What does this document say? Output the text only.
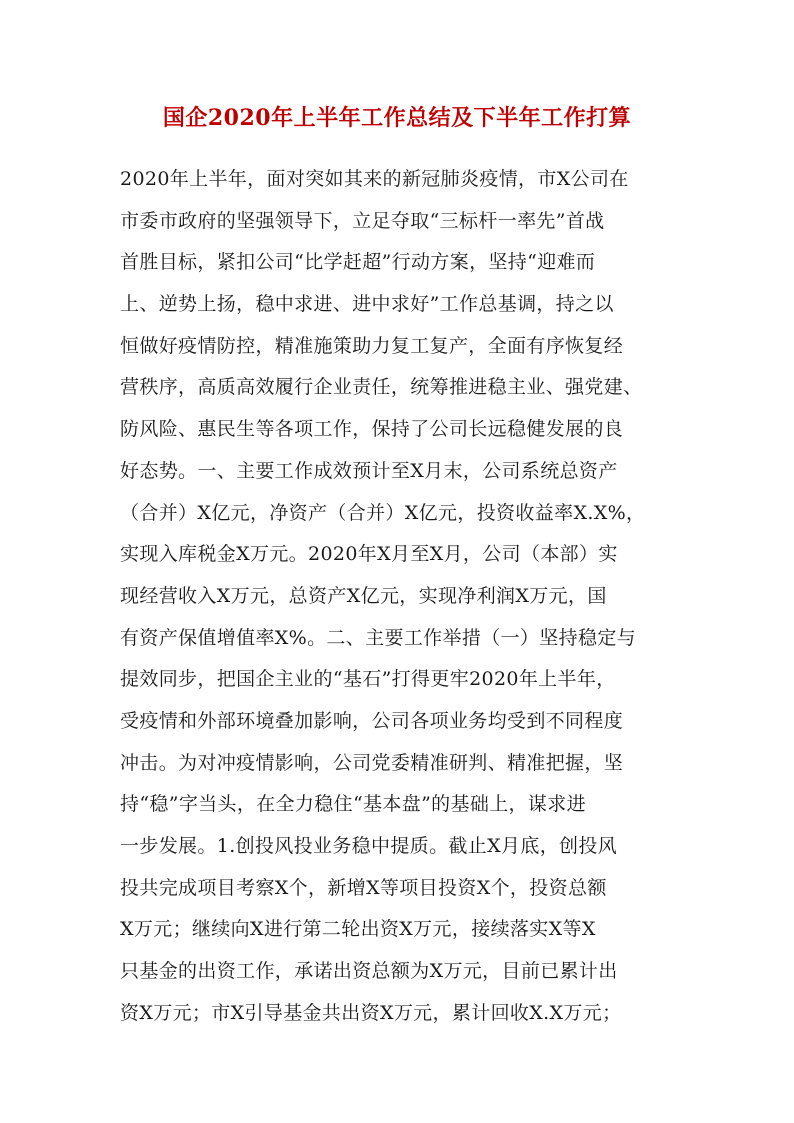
国企2020年上半年工作总结及下半年工作打算
2020年上半年，面对突如其来的新冠肺炎疫情，市X公司在
市委市政府的坚强领导下，立足夺取“三标杆一率先”首战
首胜目标，紧扣公司“比学赶超”行动方案，坚持“迎难而
上、逆势上扬，稳中求进、进中求好”工作总基调，持之以
恒做好疫情防控，精准施策助力复工复产，全面有序恢复经
营秩序，高质高效履行企业责任，统筹推进稳主业、强党建、
防风险、惠民生等各项工作，保持了公司长远稳健发展的良
好态势。一、主要工作成效预计至X月末，公司系统总资产
（合并）X亿元，净资产（合并）X亿元，投资收益率X.X%，
实现入库税金X万元。2020年X月至X月，公司（本部）实
现经营收入X万元，总资产X亿元，实现净利润X万元，国
有资产保值增值率X%。二、主要工作举措（一）坚持稳定与
提效同步，把国企主业的“基石”打得更牢2020年上半年，
受疫情和外部环境叠加影响，公司各项业务均受到不同程度
冲击。为对冲疫情影响，公司党委精准研判、精准把握，坚
持“稳”字当头，在全力稳住“基本盘”的基础上，谋求进
一步发展。1.创投风投业务稳中提质。截止X月底，创投风
投共完成项目考察X个，新增X等项目投资X个，投资总额
X万元；继续向X进行第二轮出资X万元，接续落实X等X
只基金的出资工作，承诺出资总额为X万元，目前已累计出
资X万元；市X引导基金共出资X万元，累计回收X.X万元；
